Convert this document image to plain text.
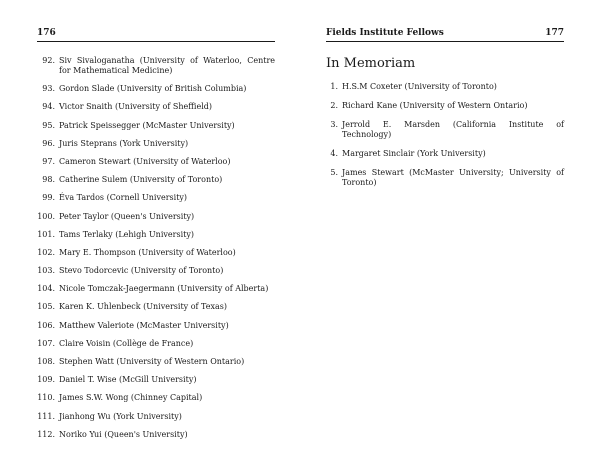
176
92. Siv Sivaloganatha (University of Waterloo, Centre for Mathematical Medicine)
93. Gordon Slade (University of British Columbia)
94. Victor Snaith (University of Sheffield)
95. Patrick Speissegger (McMaster University)
96. Juris Steprans (York University)
97. Cameron Stewart (University of Waterloo)
98. Catherine Sulem (University of Toronto)
99. Éva Tardos (Cornell University)
100. Peter Taylor (Queen's University)
101. Tams Terlaky (Lehigh University)
102. Mary E. Thompson (University of Waterloo)
103. Stevo Todorcevic (University of Toronto)
104. Nicole Tomczak-Jaegermann (University of Alberta)
105. Karen K. Uhlenbeck (University of Texas)
106. Matthew Valeriote (McMaster University)
107. Claire Voisin (Collège de France)
108. Stephen Watt (University of Western Ontario)
109. Daniel T. Wise (McGill University)
110. James S.W. Wong (Chinney Capital)
111. Jianhong Wu (York University)
112. Noriko Yui (Queen's University)
Fields Institute Fellows	177
In Memoriam
1. H.S.M Coxeter (University of Toronto)
2. Richard Kane (University of Western Ontario)
3. Jerrold E. Marsden (California Institute of Technology)
4. Margaret Sinclair (York University)
5. James Stewart (McMaster University; University of Toronto)
